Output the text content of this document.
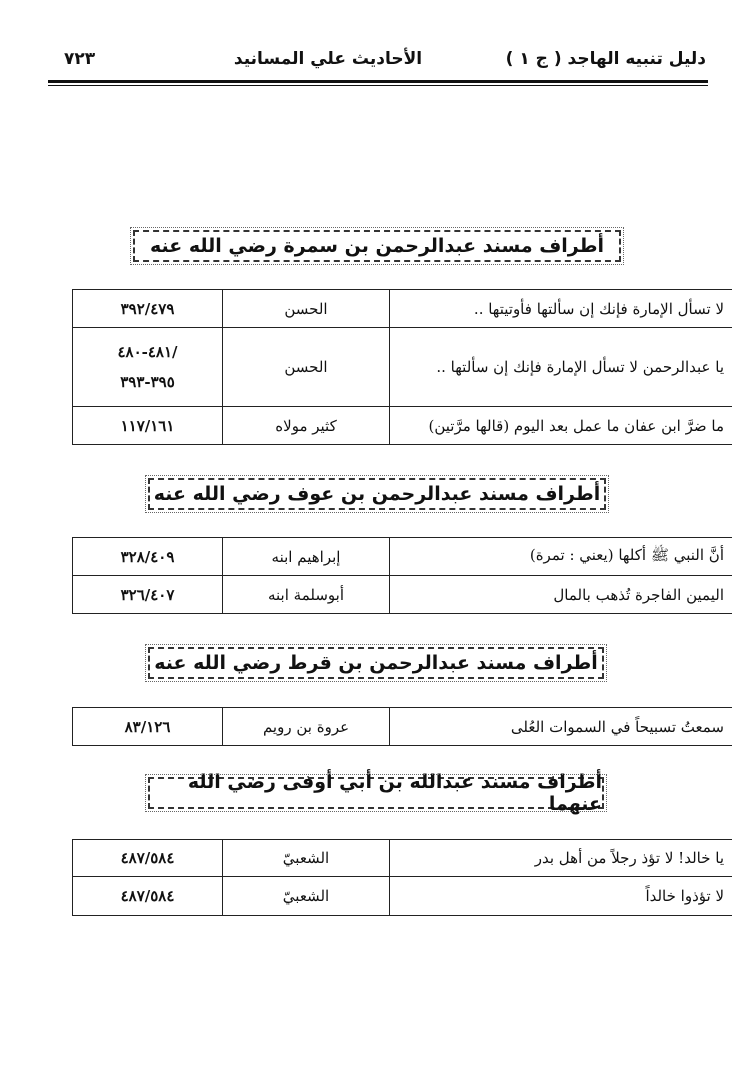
دليل تنبيه الهاجد ( ج ١ )
الأحاديث علي المسانيد
٧٢٣
أطراف مسند عبدالرحمن بن سمرة رضي الله عنه
لا تسأل الإمارة فإنك إن سألتها فأوتيتها ..	الحسن	٣٩٢/٤٧٩
يا عبدالرحمن لا تسأل الإمارة فإنك إن سألتها ..	الحسن	/٤٨١-٤٨٠
٣٩٥-٣٩٣

ما ضرَّ ابن عفان ما عمل بعد اليوم (قالها مرَّتين)	كثير مولاه	١١٧/١٦١
أطراف مسند عبدالرحمن بن عوف رضي الله عنه
أنَّ النبي ﷺ أكلها (يعني : تمرة)	إبراهيم ابنه	٣٢٨/٤٠٩
اليمين الفاجرة تُذهب بالمال	أبوسلمة ابنه	٣٢٦/٤٠٧
أطراف مسند عبدالرحمن بن قرط رضي الله عنه
سمعتُ تسبيحاً في السموات العُلى	عروة بن رويم	٨٣/١٢٦
أطراف مسند عبدالله بن أبي أوفى رضي الله عنهما
يا خالد! لا تؤذ رجلاً من أهل بدر	الشعبيّ	٤٨٧/٥٨٤
لا تؤذوا خالداً	الشعبيّ	٤٨٧/٥٨٤
